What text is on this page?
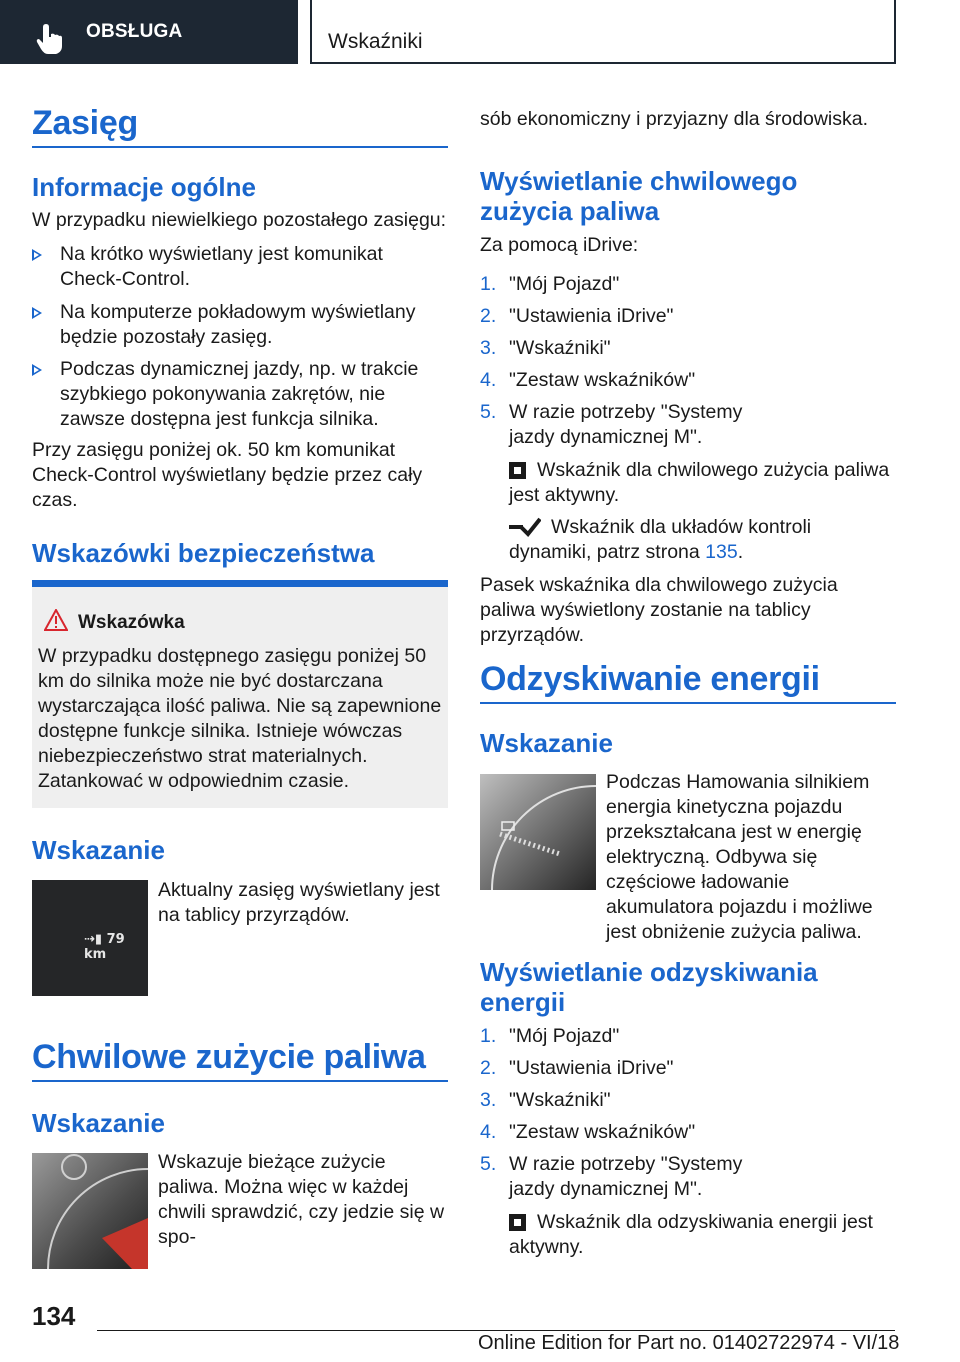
OBSŁUGA	Wskaźniki
Zasięg
Informacje ogólne
W przypadku niewielkiego pozostałego zasięgu:
Na krótko wyświetlany jest komunikat Check-Control.
Na komputerze pokładowym wyświetlany będzie pozostały zasięg.
Podczas dynamicznej jazdy, np. w trakcie szybkiego pokonywania zakrętów, nie zawsze dostępna jest funkcja silnika.
Przy zasięgu poniżej ok. 50 km komunikat Check-Control wyświetlany będzie przez cały czas.
Wskazówki bezpieczeństwa
Wskazówka
W przypadku dostępnego zasięgu poniżej 50 km do silnika może nie być dostarczana wystarczająca ilość paliwa. Nie są zapewnione dostępne funkcje silnika. Istnieje wówczas niebezpieczeństwo strat materialnych. Zatankować w odpowiednim czasie.
Wskazanie
⇢▮ 79 km
Aktualny zasięg wyświetlany jest na tablicy przyrządów.
Chwilowe zużycie paliwa
Wskazanie
Wskazuje bieżące zużycie paliwa. Można więc w każdej chwili sprawdzić, czy jedzie się w spo-
sób ekonomiczny i przyjazny dla środowiska.
Wyświetlanie chwilowego zużycia paliwa
Za pomocą iDrive:
1. "Mój Pojazd"
2. "Ustawienia iDrive"
3. "Wskaźniki"
4. "Zestaw wskaźników"
5. W razie potrzeby "Systemy jazdy dynamicznej M".
Wskaźnik dla chwilowego zużycia paliwa jest aktywny.
Wskaźnik dla układów kontroli dynamiki, patrz strona 135.
Pasek wskaźnika dla chwilowego zużycia paliwa wyświetlony zostanie na tablicy przyrządów.
Odzyskiwanie energii
Wskazanie
Podczas Hamowania silnikiem energia kinetyczna pojazdu przekształcana jest w energię elektryczną. Odbywa się częściowe ładowanie akumulatora pojazdu i możliwe jest obniżenie zużycia paliwa.
Wyświetlanie odzyskiwania energii
1. "Mój Pojazd"
2. "Ustawienia iDrive"
3. "Wskaźniki"
4. "Zestaw wskaźników"
5. W razie potrzeby "Systemy jazdy dynamicznej M".
Wskaźnik dla odzyskiwania energii jest aktywny.
134
Online Edition for Part no. 01402722974 - VI/18
